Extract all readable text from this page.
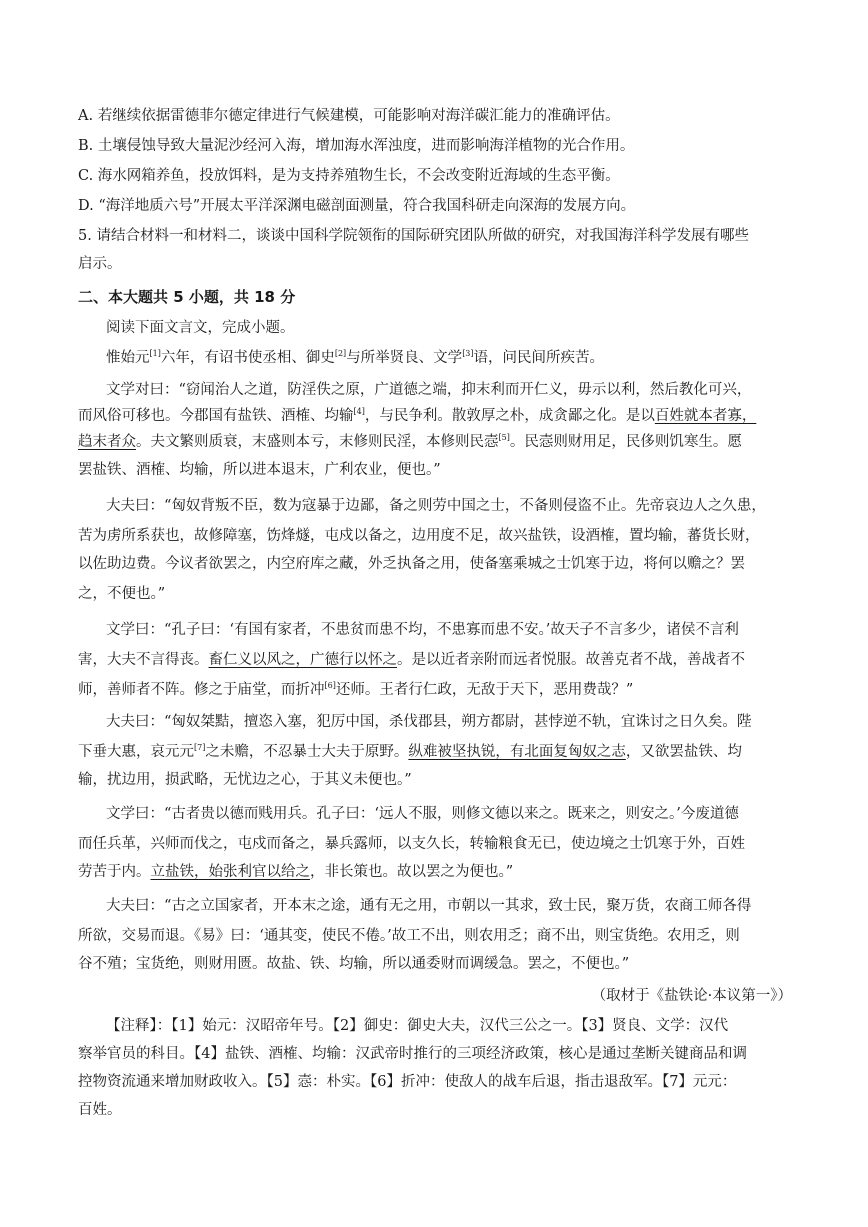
A. 若继续依据雷德菲尔德定律进行气候建模，可能影响对海洋碳汇能力的准确评估。
B. 土壤侵蚀导致大量泥沙经河入海，增加海水浑浊度，进而影响海洋植物的光合作用。
C. 海水网箱养鱼，投放饵料，是为支持养殖物生长，不会改变附近海域的生态平衡。
D. “海洋地质六号”开展太平洋深渊电磁剖面测量，符合我国科研走向深海的发展方向。
5. 请结合材料一和材料二，谈谈中国科学院领衔的国际研究团队所做的研究，对我国海洋科学发展有哪些
启示。
二、本大题共 5 小题，共 18 分
阅读下面文言文，完成小题。
惟始元[1]六年，有诏书使丞相、御史[2]与所举贤良、文学[3]语，问民间所疾苦。
文学对曰：“窃闻治人之道，防淫佚之原，广道德之端，抑末利而开仁义，毋示以利，然后教化可兴，
而风俗可移也。今郡国有盐铁、酒榷、均输[4]，与民争利。散敦厚之朴，成贪鄙之化。是以百姓就本者寡，
趋末者众。夫文繁则质衰，末盛则本亏，末修则民淫，本修则民悫[5]。民悫则财用足，民侈则饥寒生。愿
罢盐铁、酒榷、均输，所以进本退末，广利农业，便也。”
大夫曰：“匈奴背叛不臣，数为寇暴于边鄙，备之则劳中国之士，不备则侵盗不止。先帝哀边人之久患，
苦为虏所系获也，故修障塞，饬烽燧，屯戍以备之，边用度不足，故兴盐铁，设酒榷，置均输，蕃货长财，
以佐助边费。今议者欲罢之，内空府库之藏，外乏执备之用，使备塞乘城之士饥寒于边，将何以赡之？罢
之，不便也。”
文学曰：“孔子曰：‘有国有家者，不患贫而患不均，不患寡而患不安。’故天子不言多少，诸侯不言利
害，大夫不言得丧。畜仁义以风之，广德行以怀之。是以近者亲附而远者悦服。故善克者不战，善战者不
师，善师者不阵。修之于庙堂，而折冲[6]还师。王者行仁政，无敌于天下，恶用费哉？”
大夫曰：“匈奴桀黠，擅恣入塞，犯厉中国，杀伐郡县，朔方都尉，甚悖逆不轨，宜诛讨之日久矣。陛
下垂大惠，哀元元[7]之未赡，不忍暴士大夫于原野。纵难被坚执锐，有北面复匈奴之志，又欲罢盐铁、均
输，扰边用，损武略，无忧边之心，于其义未便也。”
文学曰：“古者贵以德而贱用兵。孔子曰：‘远人不服，则修文德以来之。既来之，则安之。’今废道德
而任兵革，兴师而伐之，屯戍而备之，暴兵露师，以支久长，转输粮食无已，使边境之士饥寒于外，百姓
劳苦于内。立盐铁，始张利官以给之，非长策也。故以罢之为便也。”
大夫曰：“古之立国家者，开本末之途，通有无之用，市朝以一其求，致士民，聚万货，农商工师各得
所欲，交易而退。《易》曰：‘通其变，使民不倦。’故工不出，则农用乏；商不出，则宝货绝。农用乏，则
谷不殖；宝货绝，则财用匮。故盐、铁、均输，所以通委财而调缓急。罢之，不便也。”
（取材于《盐铁论·本议第一》）
【注释】：【1】始元：汉昭帝年号。【2】御史：御史大夫，汉代三公之一。【3】贤良、文学：汉代
察举官员的科目。【4】盐铁、酒榷、均输：汉武帝时推行的三项经济政策，核心是通过垄断关键商品和调
控物资流通来增加财政收入。【5】悫：朴实。【6】折冲：使敌人的战车后退，指击退敌军。【7】元元：
百姓。
